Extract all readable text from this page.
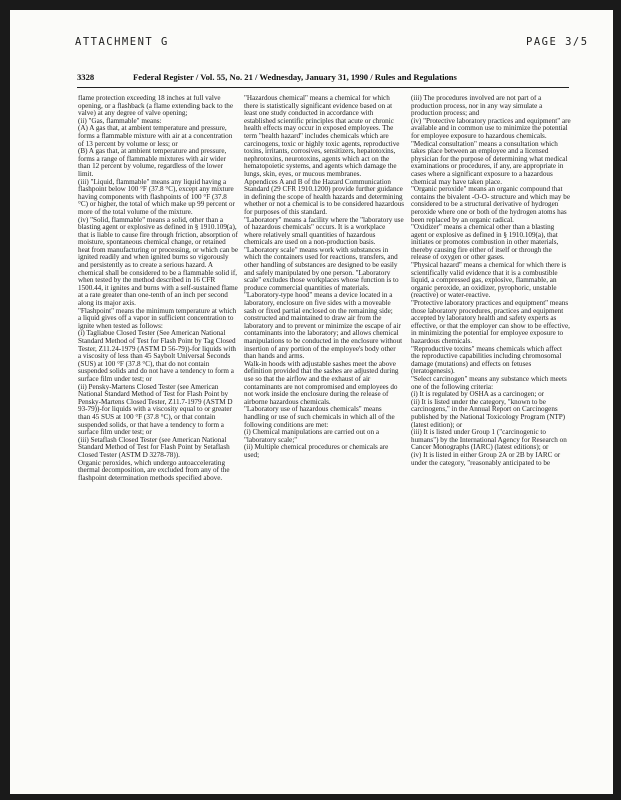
ATTACHMENT G	PAGE 3/5
3328	Federal Register / Vol. 55, No. 21 / Wednesday, January 31, 1990 / Rules and Regulations
flame protection exceeding 18 inches at full valve opening, or a flashback (a flame extending back to the valve) at any degree of valve opening;
(ii) "Gas, flammable" means:
(A) A gas that, at ambient temperature and pressure, forms a flammable mixture with air at a concentration of 13 percent by volume or less; or
(B) A gas that, at ambient temperature and pressure, forms a range of flammable mixtures with air wider than 12 percent by volume, regardless of the lower limit.
(iii) "Liquid, flammable" means any liquid having a flashpoint below 100 °F (37.8 °C), except any mixture having components with flashpoints of 100 °F (37.8 °C) or higher, the total of which make up 99 percent or more of the total volume of the mixture.
(iv) "Solid, flammable" means a solid, other than a blasting agent or explosive as defined in § 1910.109(a), that is liable to cause fire through friction, absorption of moisture, spontaneous chemical change, or retained heat from manufacturing or processing, or which can be ignited readily and when ignited burns so vigorously and persistently as to create a serious hazard. A chemical shall be considered to be a flammable solid if, when tested by the method described in 16 CFR 1500.44, it ignites and burns with a self-sustained flame at a rate greater than one-tenth of an inch per second along its major axis.
"Flashpoint" means the minimum temperature at which a liquid gives off a vapor in sufficient concentration to ignite when tested as follows:
(i) Tagliabue Closed Tester (See American National Standard Method of Test for Flash Point by Tag Closed Tester, Z11.24-1979 (ASTM D 56-79))-for liquids with a viscosity of less than 45 Saybolt Universal Seconds (SUS) at 100 °F (37.8 °C), that do not contain suspended solids and do not have a tendency to form a surface film under test; or
(ii) Pensky-Martens Closed Tester (see American National Standard Method of Test for Flash Point by Pensky-Martens Closed Tester, Z11.7-1979 (ASTM D 93-79))-for liquids with a viscosity equal to or greater than 45 SUS at 100 °F (37.8 °C), or that contain suspended solids, or that have a tendency to form a surface film under test; or
(iii) Setaflash Closed Tester (see American National Standard Method of Test for Flash Point by Setaflash Closed Tester (ASTM D 3278-78)).
Organic peroxides, which undergo autoaccelerating thermal decomposition, are excluded from any of the flashpoint determination methods specified above.
"Hazardous chemical" means a chemical for which there is statistically significant evidence based on at least one study conducted in accordance with established scientific principles that acute or chronic health effects may occur in exposed employees. The term "health hazard" includes chemicals which are carcinogens, toxic or highly toxic agents, reproductive toxins, irritants, corrosives, sensitizers, hepatotoxins, nephrotoxins, neurotoxins, agents which act on the hematopoietic systems, and agents which damage the lungs, skin, eyes, or mucous membranes.
Appendices A and B of the Hazard Communication Standard (29 CFR 1910.1200) provide further guidance in defining the scope of health hazards and determining whether or not a chemical is to be considered hazardous for purposes of this standard.
"Laboratory" means a facility where the "laboratory use of hazardous chemicals" occurs. It is a workplace where relatively small quantities of hazardous chemicals are used on a non-production basis.
"Laboratory scale" means work with substances in which the containers used for reactions, transfers, and other handling of substances are designed to be easily and safely manipulated by one person. "Laboratory scale" excludes those workplaces whose function is to produce commercial quantities of materials.
"Laboratory-type hood" means a device located in a laboratory, enclosure on five sides with a moveable sash or fixed partial enclosed on the remaining side; constructed and maintained to draw air from the laboratory and to prevent or minimize the escape of air contaminants into the laboratory; and allows chemical manipulations to be conducted in the enclosure without insertion of any portion of the employee's body other than hands and arms.
Walk-in hoods with adjustable sashes meet the above definition provided that the sashes are adjusted during use so that the airflow and the exhaust of air contaminants are not compromised and employees do not work inside the enclosure during the release of airborne hazardous chemicals.
"Laboratory use of hazardous chemicals" means handling or use of such chemicals in which all of the following conditions are met:
(i) Chemical manipulations are carried out on a "laboratory scale;"
(ii) Multiple chemical procedures or chemicals are used;
(iii) The procedures involved are not part of a production process, nor in any way simulate a production process; and
(iv) "Protective laboratory practices and equipment" are available and in common use to minimize the potential for employee exposure to hazardous chemicals.
"Medical consultation" means a consultation which takes place between an employee and a licensed physician for the purpose of determining what medical examinations or procedures, if any, are appropriate in cases where a significant exposure to a hazardous chemical may have taken place.
"Organic peroxide" means an organic compound that contains the bivalent -O-O- structure and which may be considered to be a structural derivative of hydrogen peroxide where one or both of the hydrogen atoms has been replaced by an organic radical.
"Oxidizer" means a chemical other than a blasting agent or explosive as defined in § 1910.109(a), that initiates or promotes combustion in other materials, thereby causing fire either of itself or through the release of oxygen or other gases.
"Physical hazard" means a chemical for which there is scientifically valid evidence that it is a combustible liquid, a compressed gas, explosive, flammable, an organic peroxide, an oxidizer, pyrophoric, unstable (reactive) or water-reactive.
"Protective laboratory practices and equipment" means those laboratory procedures, practices and equipment accepted by laboratory health and safety experts as effective, or that the employer can show to be effective, in minimizing the potential for employee exposure to hazardous chemicals.
"Reproductive toxins" means chemicals which affect the reproductive capabilities including chromosomal damage (mutations) and effects on fetuses (teratogenesis).
"Select carcinogen" means any substance which meets one of the following criteria:
(i) It is regulated by OSHA as a carcinogen; or
(ii) It is listed under the category, "known to be carcinogens," in the Annual Report on Carcinogens published by the National Toxicology Program (NTP) (latest edition); or
(iii) It is listed under Group 1 ("carcinogenic to humans") by the International Agency for Research on Cancer Monographs (IARC) (latest editions); or
(iv) It is listed in either Group 2A or 2B by IARC or under the category, "reasonably anticipated to be
